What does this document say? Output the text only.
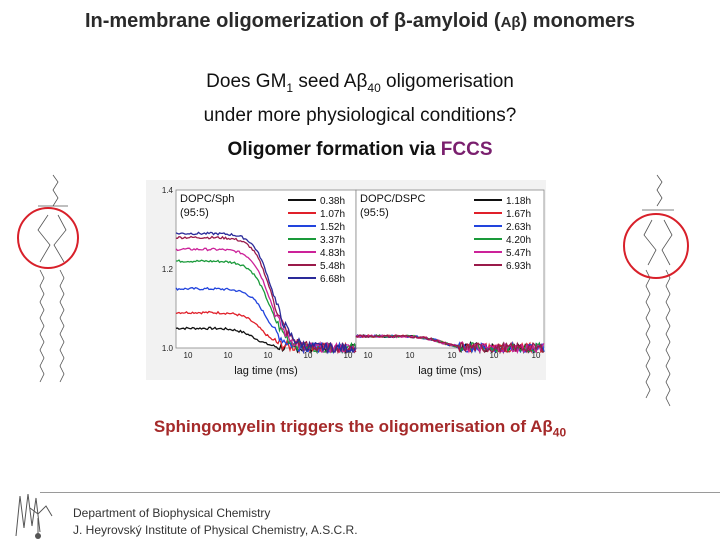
In-membrane oligomerization of β-amyloid (Aβ) monomers
Does $GM_1$ seed $A\beta_{40}$ oligomerisation
under more physiological conditions?
Oligomer formation via FCCS
0.38h
1.07h
1.52h
3.37h
4.83h
5.48h
6.68h
DOPC/Sph
(95:5)
10	10	10	10	10
lag time (ms)
1.4
1.2
1.0
1.18h
1.67h
2.63h
4.20h
5.47h
6.93h
DOPC/DSPC
(95:5)
10	10	10	10	10
lag time (ms)
Sphingomyelin triggers the oligomerisation of $A\beta_{40}$
Department of Biophysical Chemistry
J. Heyrovský Institute of Physical Chemistry, A.S.C.R.
